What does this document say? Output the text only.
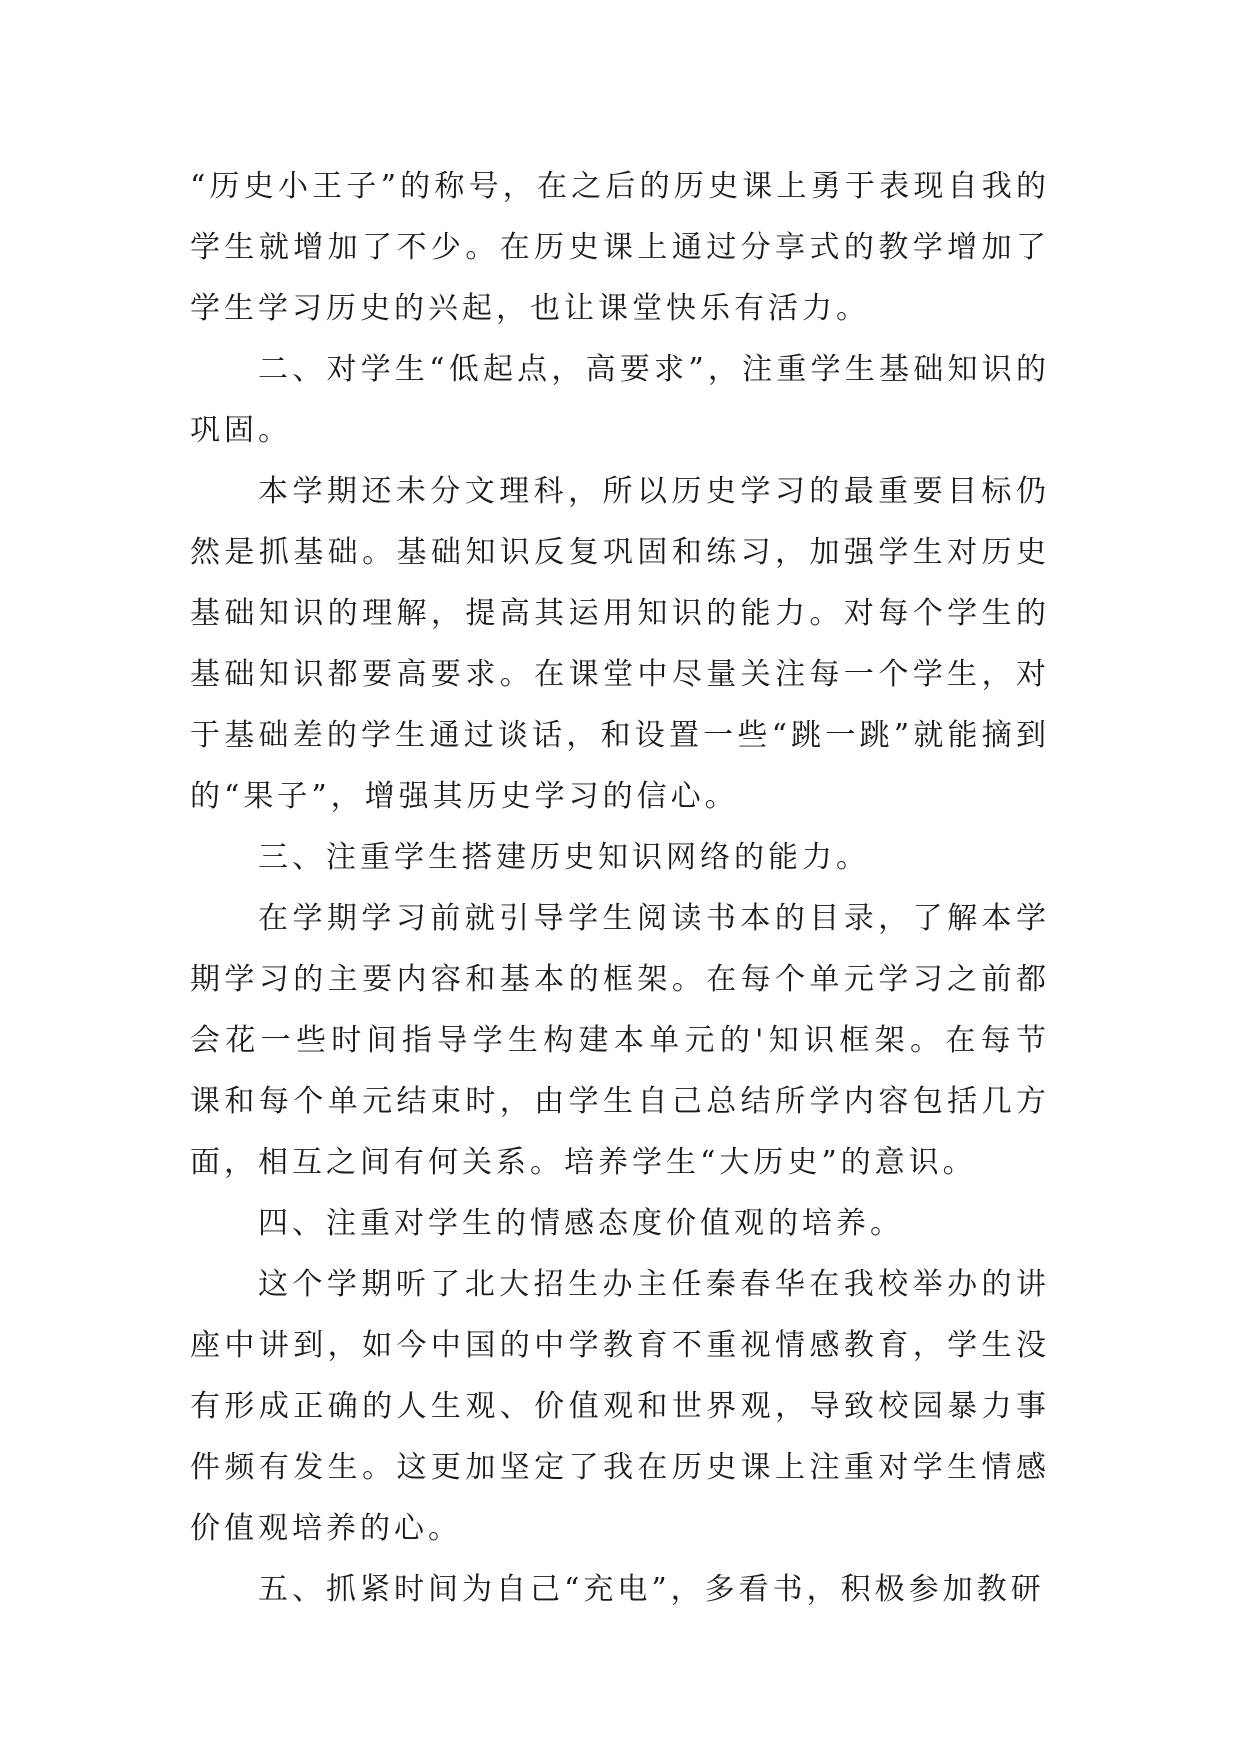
“历史小王子”的称号，在之后的历史课上勇于表现自我的学生就增加了不少。在历史课上通过分享式的教学增加了学生学习历史的兴起，也让课堂快乐有活力。

二、对学生“低起点，高要求”，注重学生基础知识的巩固。

本学期还未分文理科，所以历史学习的最重要目标仍然是抓基础。基础知识反复巩固和练习，加强学生对历史基础知识的理解，提高其运用知识的能力。对每个学生的基础知识都要高要求。在课堂中尽量关注每一个学生，对于基础差的学生通过谈话，和设置一些“跳一跳”就能摘到的“果子”，增强其历史学习的信心。

三、注重学生搭建历史知识网络的能力。

在学期学习前就引导学生阅读书本的目录，了解本学期学习的主要内容和基本的框架。在每个单元学习之前都会花一些时间指导学生构建本单元的'知识框架。在每节课和每个单元结束时，由学生自己总结所学内容包括几方面，相互之间有何关系。培养学生“大历史”的意识。

四、注重对学生的情感态度价值观的培养。

这个学期听了北大招生办主任秦春华在我校举办的讲座中讲到，如今中国的中学教育不重视情感教育，学生没有形成正确的人生观、价值观和世界观，导致校园暴力事件频有发生。这更加坚定了我在历史课上注重对学生情感价值观培养的心。

五、抓紧时间为自己“充电”，多看书，积极参加教研
